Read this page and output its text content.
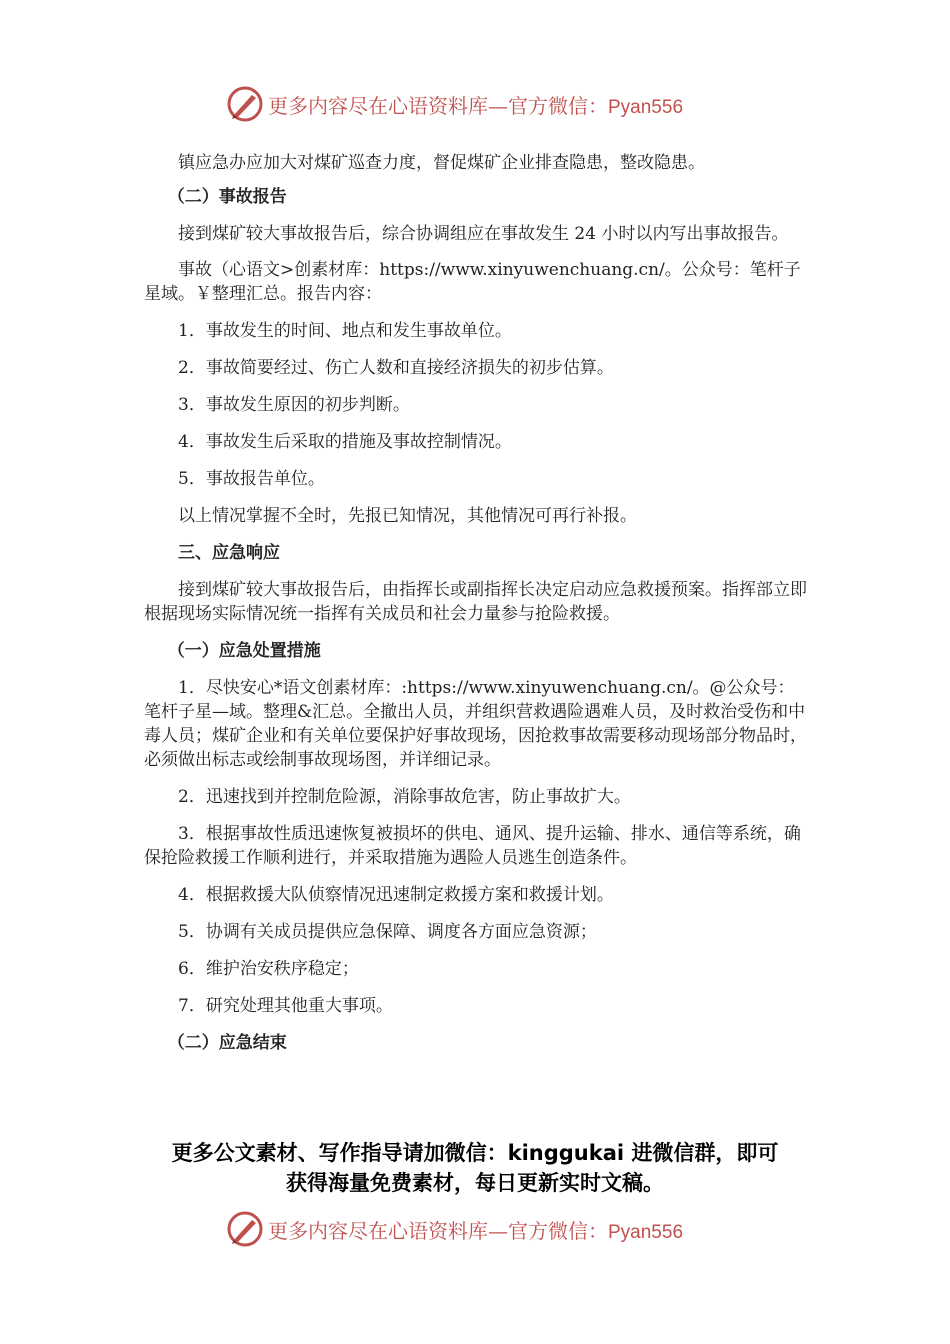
更多内容尽在心语资料库—官方微信：Pyan556

镇应急办应加大对煤矿巡查力度，督促煤矿企业排查隐患，整改隐患。

（二）事故报告

接到煤矿较大事故报告后，综合协调组应在事故发生 24 小时以内写出事故报告。

事故（心语文>创素材库：https://www.xinyuwenchuang.cn/。公众号：笔杆子星域。￥整理汇总。报告内容：

1．事故发生的时间、地点和发生事故单位。

2．事故简要经过、伤亡人数和直接经济损失的初步估算。

3．事故发生原因的初步判断。

4．事故发生后采取的措施及事故控制情况。

5．事故报告单位。

以上情况掌握不全时，先报已知情况，其他情况可再行补报。

三、应急响应

接到煤矿较大事故报告后，由指挥长或副指挥长决定启动应急救援预案。指挥部立即根据现场实际情况统一指挥有关成员和社会力量参与抢险救援。

（一）应急处置措施

1．尽快安心*语文创素材库：:https://www.xinyuwenchuang.cn/。@公众号：笔杆子星—域。整理&汇总。全撤出人员，并组织营救遇险遇难人员，及时救治受伤和中毒人员；煤矿企业和有关单位要保护好事故现场，因抢救事故需要移动现场部分物品时，必须做出标志或绘制事故现场图，并详细记录。

2．迅速找到并控制危险源，消除事故危害，防止事故扩大。

3．根据事故性质迅速恢复被损坏的供电、通风、提升运输、排水、通信等系统，确保抢险救援工作顺利进行，并采取措施为遇险人员逃生创造条件。

4．根据救援大队侦察情况迅速制定救援方案和救援计划。

5．协调有关成员提供应急保障、调度各方面应急资源；

6．维护治安秩序稳定；

7．研究处理其他重大事项。

（二）应急结束

更多公文素材、写作指导请加微信：kinggukai 进微信群，即可
获得海量免费素材，每日更新实时文稿。
更多内容尽在心语资料库—官方微信：Pyan556
